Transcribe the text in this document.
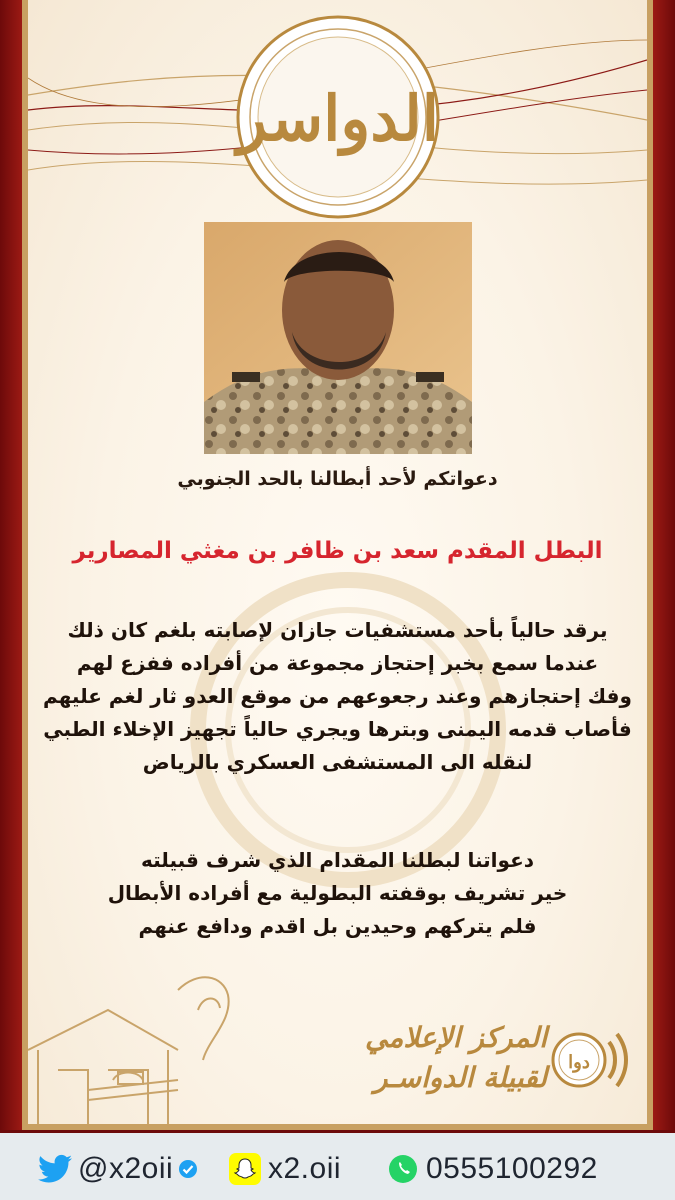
الدواسر
دعواتكم لأحد أبطالنا بالحد الجنوبي
البطل المقدم سعد بن ظافر بن مغثي المصارير
يرقد حالياً بأحد مستشفيات جازان لإصابته بلغم كان ذلك
عندما سمع بخبر إحتجاز مجموعة من أفراده ففزع لهم
وفك إحتجازهم وعند رجعوعهم من موقع العدو ثار لغم عليهم
فأصاب قدمه اليمنى وبترها ويجري حالياً تجهيز الإخلاء الطبي
لنقله الى المستشفى العسكري بالرياض
دعواتنا لبطلنا المقدام الذي شرف قبيلته
خير تشريف بوقفته البطولية مع أفراده الأبطال
فلم يتركهم وحيدين بل اقدم ودافع عنهم
المركز الإعلامي
لقبيلة الدواسـر دوا
@x2oii	x2.oii	0555100292
